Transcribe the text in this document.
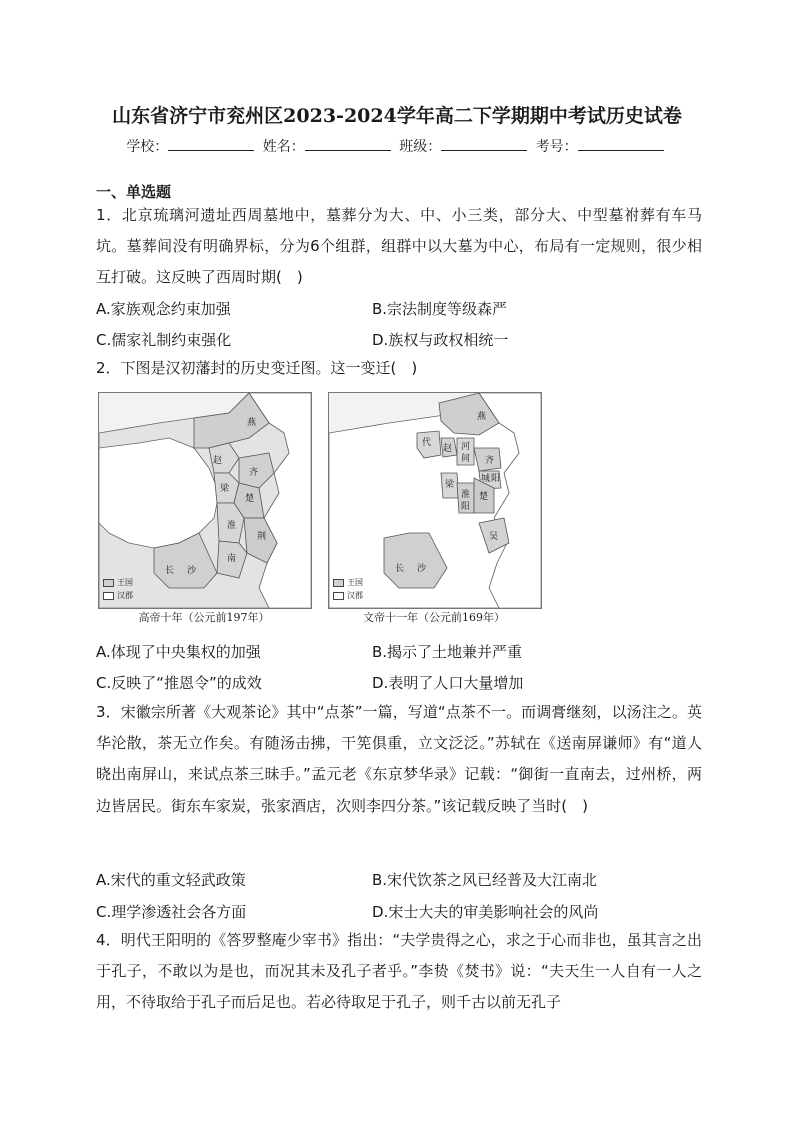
山东省济宁市兖州区2023-2024学年高二下学期期中考试历史试卷
学校：	姓名：	班级：	考号：
一、单选题
1．北京琉璃河遗址西周墓地中，墓葬分为大、中、小三类，部分大、中型墓祔葬有车马坑。墓葬间没有明确界标，分为6个组群，组群中以大墓为中心，布局有一定规则，很少相互打破。这反映了西周时期(　)
A.家族观念约束加强	B.宗法制度等级森严
C.儒家礼制约束强化	D.族权与政权相统一
2．下图是汉初藩封的历史变迁图。这一变迁(　)
燕
赵
齐
梁
楚
淮
荆
南
长 沙
王国
汉郡
高帝十年（公元前197年）
燕
代
赵 河
间 齐
城 阳
梁
淮
阳
楚
吴
长 沙
王国
汉郡
文帝十一年（公元前169年）
A.体现了中央集权的加强	B.揭示了土地兼并严重
C.反映了“推恩令”的成效	D.表明了人口大量增加
3．宋徽宗所著《大观茶论》其中“点茶”一篇，写道“点茶不一。而调膏继刻，以汤注之。英华沦散，茶无立作矣。有随汤击拂，干筅俱重，立文泛泛。”苏轼在《送南屏谦师》有“道人晓出南屏山，来试点茶三昧手。”孟元老《东京梦华录》记载：“御街一直南去，过州桥，两边皆居民。街东车家炭，张家酒店，次则李四分茶。”该记载反映了当时(　)
A.宋代的重文轻武政策	B.宋代饮茶之风已经普及大江南北
C.理学渗透社会各方面	D.宋士大夫的审美影响社会的风尚
4．明代王阳明的《答罗整庵少宰书》指出：“夫学贵得之心，求之于心而非也，虽其言之出于孔子，不敢以为是也，而况其未及孔子者乎。”李贽《焚书》说：“夫天生一人自有一人之用，不待取给于孔子而后足也。若必待取足于孔子，则千古以前无孔子
